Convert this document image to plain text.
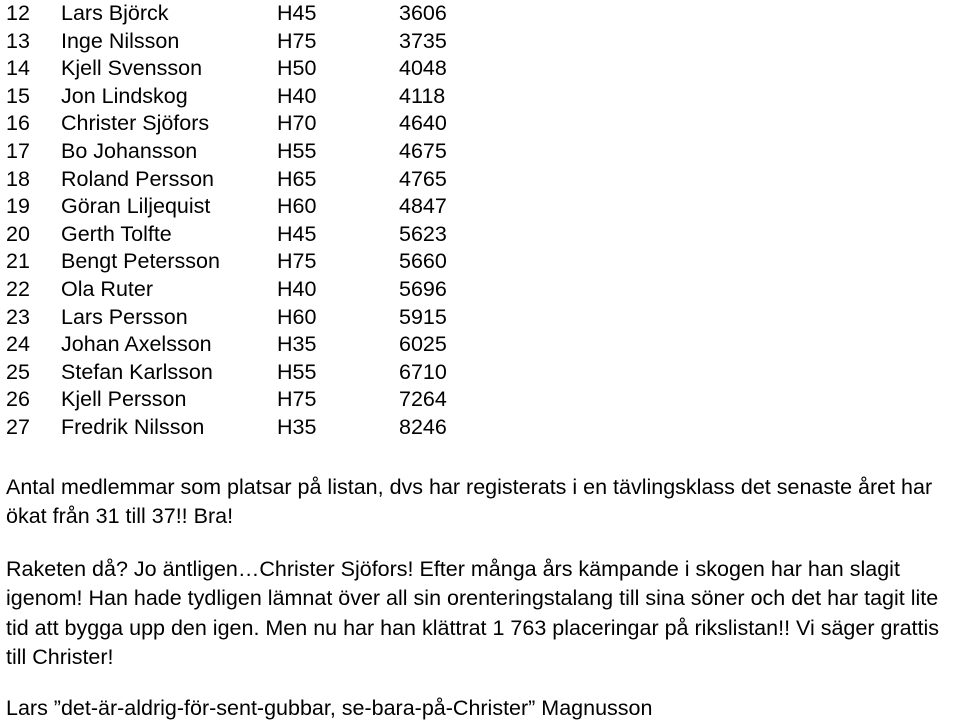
12 Lars Björck	H45	3606
13 Inge Nilsson	H75	3735
14 Kjell Svensson	H50	4048
15 Jon Lindskog	H40	4118
16 Christer Sjöfors	H70	4640
17 Bo Johansson	H55	4675
18 Roland Persson	H65	4765
19 Göran Liljequist	H60	4847
20 Gerth Tolfte	H45	5623
21 Bengt Petersson	H75	5660
22 Ola Ruter	H40	5696
23 Lars Persson	H60	5915
24 Johan Axelsson	H35	6025
25 Stefan Karlsson	H55	6710
26 Kjell Persson	H75	7264
27 Fredrik Nilsson	H35	8246

Antal medlemmar som platsar på listan, dvs har registerats i en tävlingsklass det senaste året har ökat från 31 till 37!! Bra!

Raketen då? Jo äntligen…Christer Sjöfors! Efter många års kämpande i skogen har han slagit igenom! Han hade tydligen lämnat över all sin orenteringstalang till sina söner och det har tagit lite tid att bygga upp den igen. Men nu har han klättrat 1 763 placeringar på rikslistan!! Vi säger grattis till Christer!

Lars ”det-är-aldrig-för-sent-gubbar, se-bara-på-Christer” Magnusson
